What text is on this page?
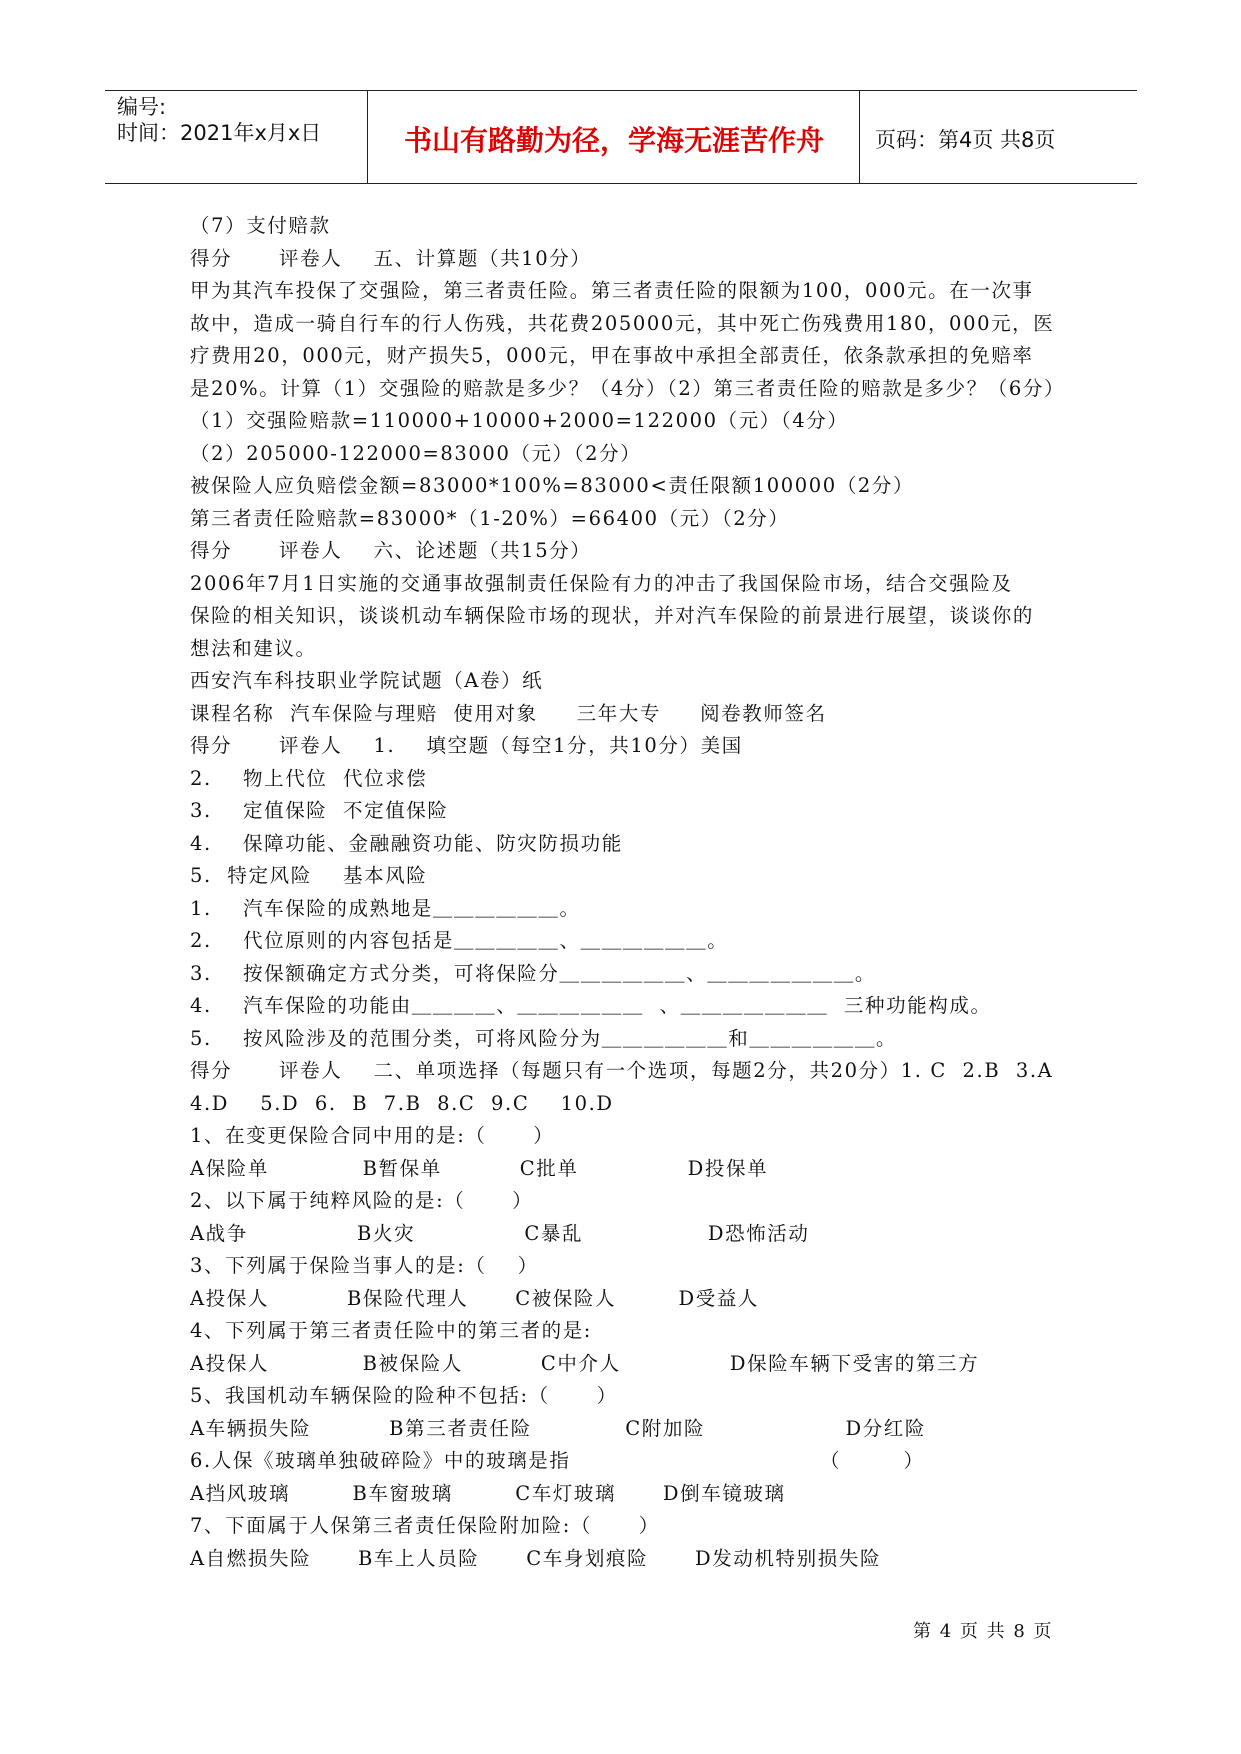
编号:
时间：2021年x月x日	书山有路勤为径，学海无涯苦作舟	页码：第4页 共8页
（7）支付赔款
得分      评卷人    五、计算题（共10分）
甲为其汽车投保了交强险，第三者责任险。第三者责任险的限额为100，000元。在一次事
故中，造成一骑自行车的行人伤残，共花费205000元，其中死亡伤残费用180，000元，医
疗费用20，000元，财产损失5，000元，甲在事故中承担全部责任，依条款承担的免赔率
是20%。计算（1）交强险的赔款是多少？（4分）（2）第三者责任险的赔款是多少？（6分）
（1）交强险赔款=110000+10000+2000=122000（元）（4分）
（2）205000-122000=83000（元）（2分）
被保险人应负赔偿金额=83000*100%=83000<责任限额100000（2分）
第三者责任险赔款=83000*（1-20%）=66400（元）（2分）
得分      评卷人    六、论述题（共15分）
2006年7月1日实施的交通事故强制责任保险有力的冲击了我国保险市场，结合交强险及
保险的相关知识，谈谈机动车辆保险市场的现状，并对汽车保险的前景进行展望，谈谈你的
想法和建议。
西安汽车科技职业学院试题（A卷）纸
课程名称  汽车保险与理赔  使用对象     三年大专     阅卷教师签名
得分      评卷人    1.    填空题（每空1分，共10分）美国
2.    物上代位  代位求偿
3.    定值保险  不定值保险
4.    保障功能、金融融资功能、防灾防损功能
5.  特定风险    基本风险
1.    汽车保险的成熟地是＿＿＿＿＿＿。
2.    代位原则的内容包括是＿＿＿＿＿、＿＿＿＿＿＿。
3.    按保额确定方式分类，可将保险分＿＿＿＿＿＿、＿＿＿＿＿＿＿。
4.    汽车保险的功能由＿＿＿＿、＿＿＿＿＿＿  、＿＿＿＿＿＿＿  三种功能构成。
5.    按风险涉及的范围分类，可将风险分为＿＿＿＿＿＿和＿＿＿＿＿＿。
得分      评卷人    二、单项选择（每题只有一个选项，每题2分，共20分）1. C  2.B  3.A
4.D    5.D  6.  B  7.B  8.C  9.C    10.D
1、在变更保险合同中用的是:（      ）
A保险单            B暂保单          C批单              D投保单
2、以下属于纯粹风险的是:（      ）
A战争              B火灾              C暴乱                D恐怖活动
3、下列属于保险当事人的是:（    ）
A投保人          B保险代理人      C被保险人        D受益人
4、下列属于第三者责任险中的第三者的是:
A投保人            B被保险人          C中介人              D保险车辆下受害的第三方
5、我国机动车辆保险的险种不包括:（      ）
A车辆损失险          B第三者责任险            C附加险                  D分红险
6.人保《玻璃单独破碎险》中的玻璃是指                                （        ）
A挡风玻璃        B车窗玻璃        C车灯玻璃      D倒车镜玻璃
7、下面属于人保第三者责任保险附加险:（      ）
A自燃损失险      B车上人员险      C车身划痕险      D发动机特别损失险
第 4 页 共 8 页
